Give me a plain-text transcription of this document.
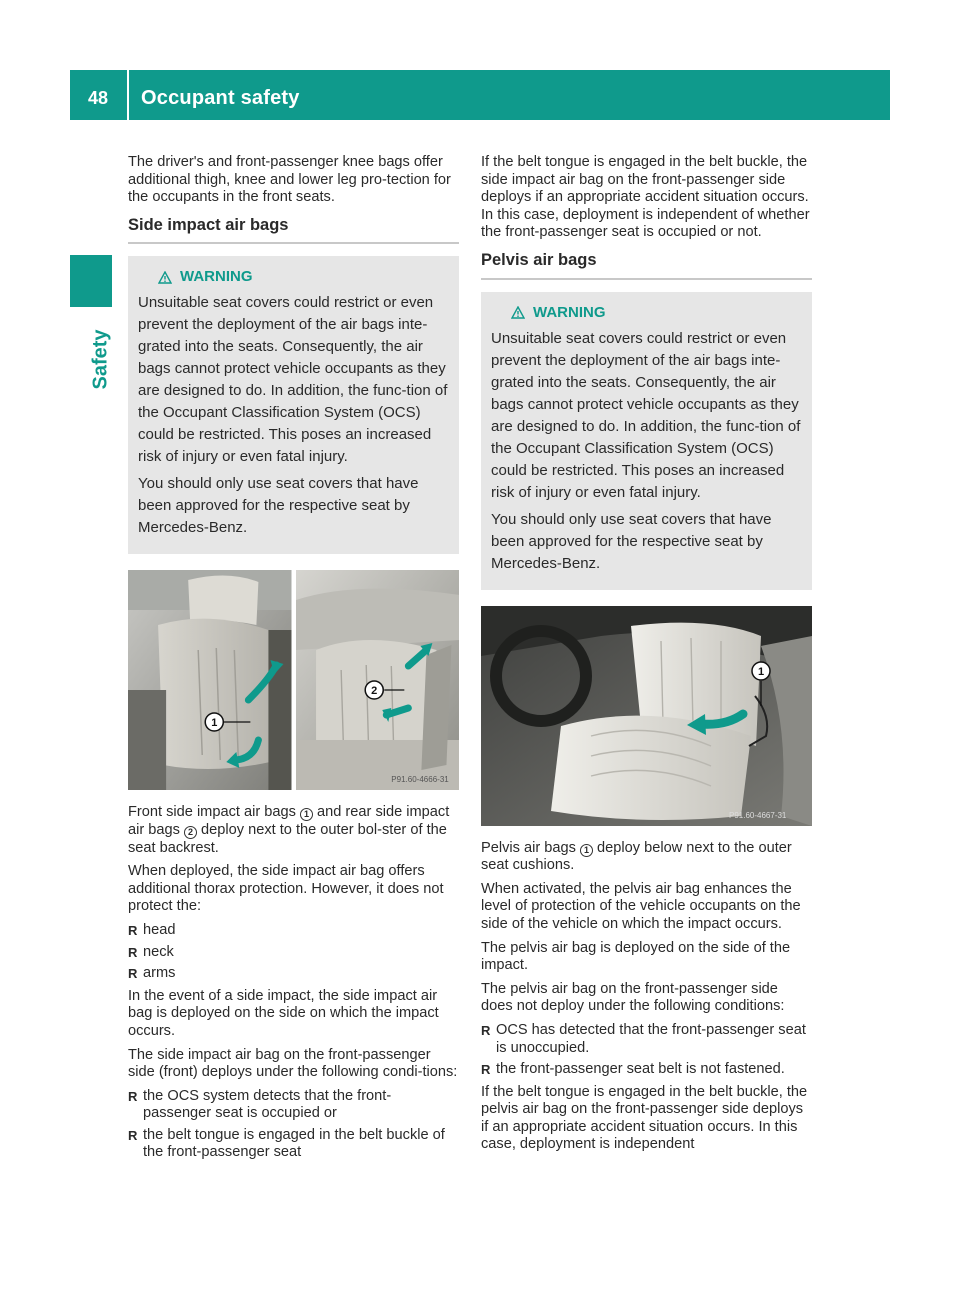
48 Occupant safety
Safety

The driver's and front-passenger knee bags offer additional thigh, knee and lower leg pro-tection for the occupants in the front seats.

Side impact air bags
WARNING

Unsuitable seat covers could restrict or even prevent the deployment of the air bags inte-grated into the seats. Consequently, the air bags cannot protect vehicle occupants as they are designed to do. In addition, the func-tion of the Occupant Classification System (OCS) could be restricted. This poses an increased risk of injury or even fatal injury.

You should only use seat covers that have been approved for the respective seat by Mercedes-Benz.

1
2
P91.60-4666-31

Front side impact air bags 1 and rear side impact air bags 2 deploy next to the outer bol-ster of the seat backrest.

When deployed, the side impact air bag offers additional thorax protection. However, it does not protect the:

R head
R neck
R arms

In the event of a side impact, the side impact air bag is deployed on the side on which the impact occurs.

The side impact air bag on the front-passenger side (front) deploys under the following condi-tions:

R the OCS system detects that the front-passenger seat is occupied or
R the belt tongue is engaged in the belt buckle of the front-passenger seat

If the belt tongue is engaged in the belt buckle, the side impact air bag on the front-passenger side deploys if an appropriate accident situation occurs. In this case, deployment is independent of whether the front-passenger seat is occupied or not.

Pelvis air bags
WARNING

Unsuitable seat covers could restrict or even prevent the deployment of the air bags inte-grated into the seats. Consequently, the air bags cannot protect vehicle occupants as they are designed to do. In addition, the func-tion of the Occupant Classification System (OCS) could be restricted. This poses an increased risk of injury or even fatal injury.

You should only use seat covers that have been approved for the respective seat by Mercedes-Benz.

1
P91.60-4667-31

Pelvis air bags 1 deploy below next to the outer seat cushions.

When activated, the pelvis air bag enhances the level of protection of the vehicle occupants on the side of the vehicle on which the impact occurs.

The pelvis air bag is deployed on the side of the impact.

The pelvis air bag on the front-passenger side does not deploy under the following conditions:

R OCS has detected that the front-passenger seat is unoccupied.
R the front-passenger seat belt is not fastened.

If the belt tongue is engaged in the belt buckle, the pelvis air bag on the front-passenger side deploys if an appropriate accident situation occurs. In this case, deployment is independent
